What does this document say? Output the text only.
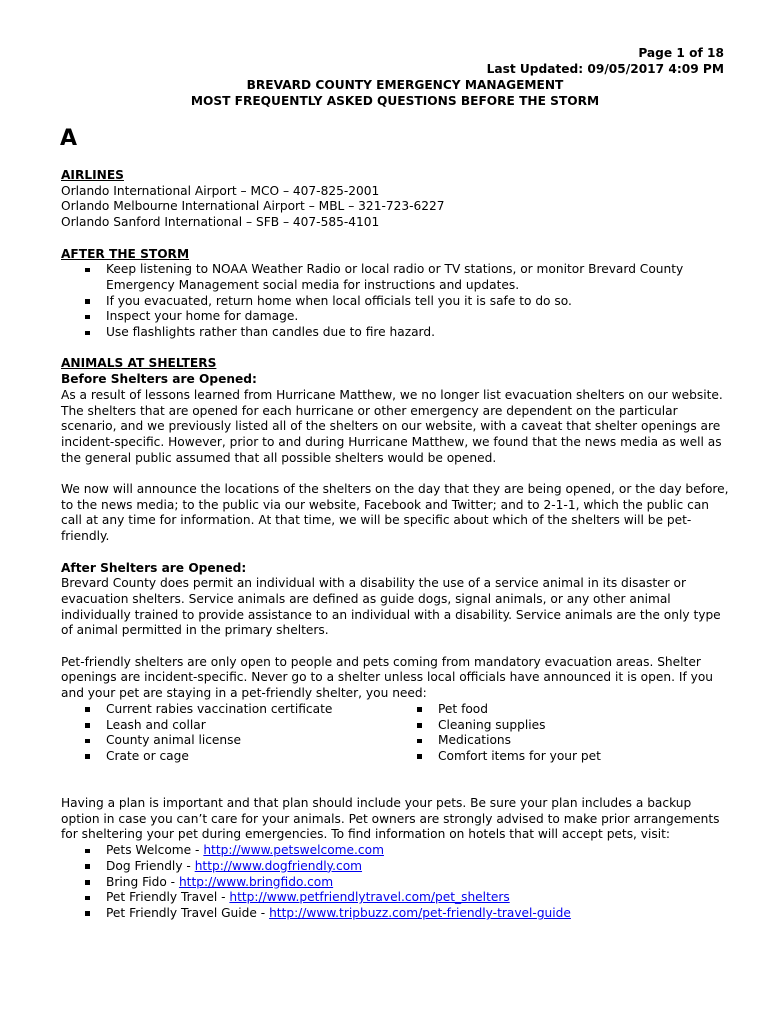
Page 1 of 18
Last Updated: 09/05/2017 4:09 PM
BREVARD COUNTY EMERGENCY MANAGEMENT
MOST FREQUENTLY ASKED QUESTIONS BEFORE THE STORM
A
AIRLINES
Orlando International Airport – MCO – 407-825-2001
Orlando Melbourne International Airport – MBL – 321-723-6227
Orlando Sanford International – SFB – 407-585-4101
AFTER THE STORM
Keep listening to NOAA Weather Radio or local radio or TV stations, or monitor Brevard County Emergency Management social media for instructions and updates.
If you evacuated, return home when local officials tell you it is safe to do so.
Inspect your home for damage.
Use flashlights rather than candles due to fire hazard.
ANIMALS AT SHELTERS
Before Shelters are Opened:

As a result of lessons learned from Hurricane Matthew, we no longer list evacuation shelters on our website. The shelters that are opened for each hurricane or other emergency are dependent on the particular scenario, and we previously listed all of the shelters on our website, with a caveat that shelter openings are incident-specific. However, prior to and during Hurricane Matthew, we found that the news media as well as the general public assumed that all possible shelters would be opened.

We now will announce the locations of the shelters on the day that they are being opened, or the day before, to the news media; to the public via our website, Facebook and Twitter; and to 2-1-1, which the public can call at any time for information. At that time, we will be specific about which of the shelters will be pet-friendly.

After Shelters are Opened:

Brevard County does permit an individual with a disability the use of a service animal in its disaster or evacuation shelters. Service animals are defined as guide dogs, signal animals, or any other animal individually trained to provide assistance to an individual with a disability. Service animals are the only type of animal permitted in the primary shelters.

Pet-friendly shelters are only open to people and pets coming from mandatory evacuation areas. Shelter openings are incident-specific. Never go to a shelter unless local officials have announced it is open. If you and your pet are staying in a pet-friendly shelter, you need:

Current rabies vaccination certificate
Leash and collar
County animal license
Crate or cage
Pet food
Cleaning supplies
Medications
Comfort items for your pet

Having a plan is important and that plan should include your pets. Be sure your plan includes a backup option in case you can’t care for your animals. Pet owners are strongly advised to make prior arrangements for sheltering your pet during emergencies. To find information on hotels that will accept pets, visit:

Pets Welcome - http://www.petswelcome.com
Dog Friendly - http://www.dogfriendly.com
Bring Fido - http://www.bringfido.com
Pet Friendly Travel - http://www.petfriendlytravel.com/pet_shelters
Pet Friendly Travel Guide - http://www.tripbuzz.com/pet-friendly-travel-guide
